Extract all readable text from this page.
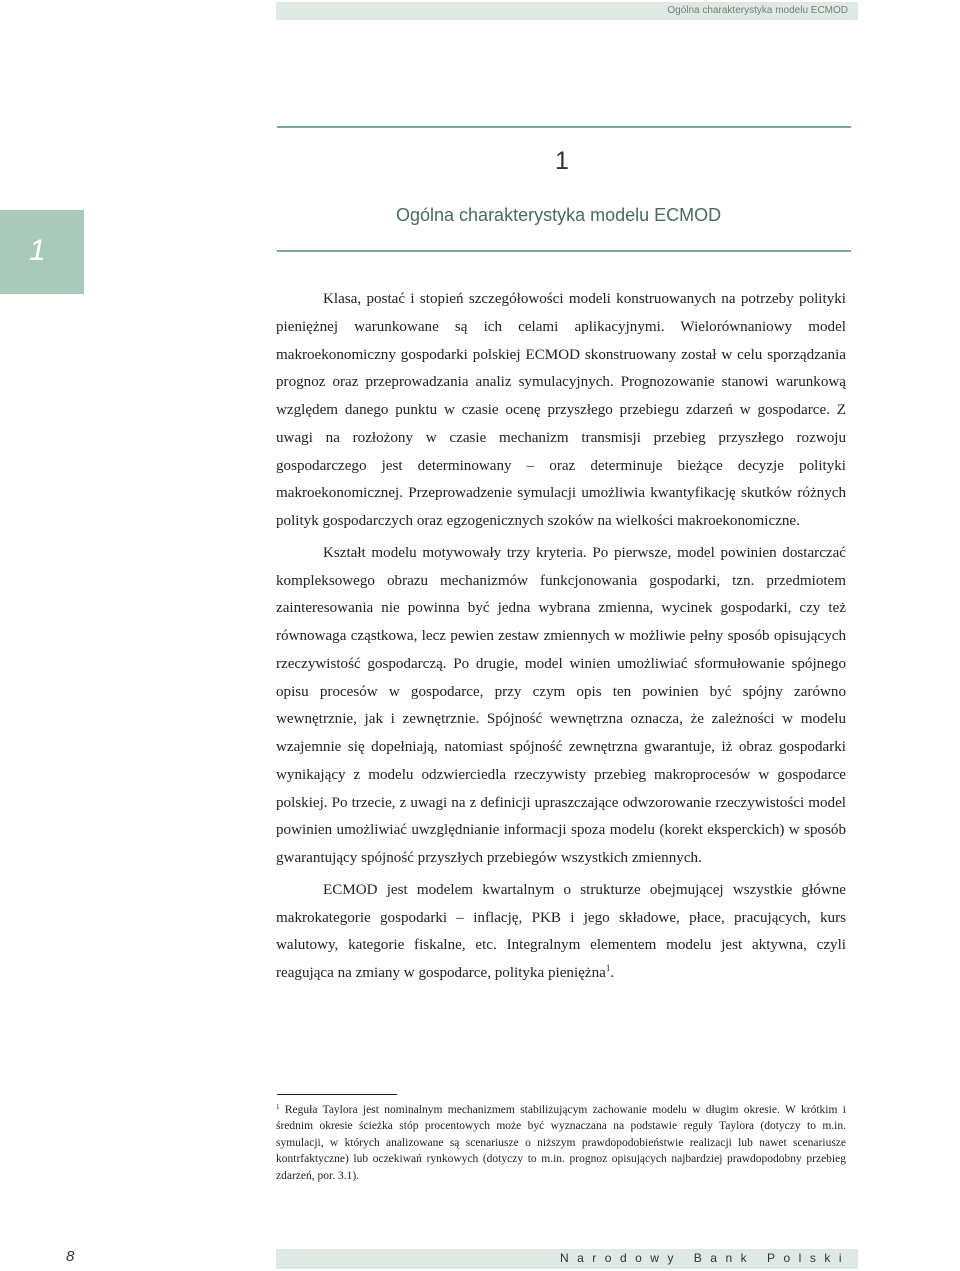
Ogólna charakterystyka modelu ECMOD
1
Ogólna charakterystyka modelu ECMOD
1

Klasa, postać i stopień szczegółowości modeli konstruowanych na potrzeby polityki pieniężnej warunkowane są ich celami aplikacyjnymi. Wielorównaniowy model makroekonomiczny gospodarki polskiej ECMOD skonstruowany został w celu sporządzania prognoz oraz przeprowadzania analiz symulacyjnych. Prognozowanie stanowi warunkową względem danego punktu w czasie ocenę przyszłego przebiegu zdarzeń w gospodarce. Z uwagi na rozłożony w czasie mechanizm transmisji przebieg przyszłego rozwoju gospodarczego jest determinowany – oraz determinuje bieżące decyzje polityki makroekonomicznej. Przeprowadzenie symulacji umożliwia kwantyfikację skutków różnych polityk gospodarczych oraz egzogenicznych szoków na wielkości makroekonomiczne.

Kształt modelu motywowały trzy kryteria. Po pierwsze, model powinien dostarczać kompleksowego obrazu mechanizmów funkcjonowania gospodarki, tzn. przedmiotem zainteresowania nie powinna być jedna wybrana zmienna, wycinek gospodarki, czy też równowaga cząstkowa, lecz pewien zestaw zmiennych w możliwie pełny sposób opisujących rzeczywistość gospodarczą. Po drugie, model winien umożliwiać sformułowanie spójnego opisu procesów w gospodarce, przy czym opis ten powinien być spójny zarówno wewnętrznie, jak i zewnętrznie. Spójność wewnętrzna oznacza, że zależności w modelu wzajemnie się dopełniają, natomiast spójność zewnętrzna gwarantuje, iż obraz gospodarki wynikający z modelu odzwierciedla rzeczywisty przebieg makroprocesów w gospodarce polskiej. Po trzecie, z uwagi na z definicji upraszczające odwzorowanie rzeczywistości model powinien umożliwiać uwzględnianie informacji spoza modelu (korekt eksperckich) w sposób gwarantujący spójność przyszłych przebiegów wszystkich zmiennych.

ECMOD jest modelem kwartalnym o strukturze obejmującej wszystkie główne makrokategorie gospodarki – inflację, PKB i jego składowe, płace, pracujących, kurs walutowy, kategorie fiskalne, etc. Integralnym elementem modelu jest aktywna, czyli reagująca na zmiany w gospodarce, polityka pieniężna$^1$.

$^1$ Reguła Taylora jest nominalnym mechanizmem stabilizującym zachowanie modelu w długim okresie. W krótkim i średnim okresie ścieżka stóp procentowych może być wyznaczana na podstawie reguły Taylora (dotyczy to m.in. symulacji, w których analizowane są scenariusze o niższym prawdopodobieństwie realizacji lub nawet scenariusze kontrfaktyczne) lub oczekiwań rynkowych (dotyczy to m.in. prognoz opisujących najbardziej prawdopodobny przebieg zdarzeń, por. 3.1).
8	Narodowy Bank Polski
